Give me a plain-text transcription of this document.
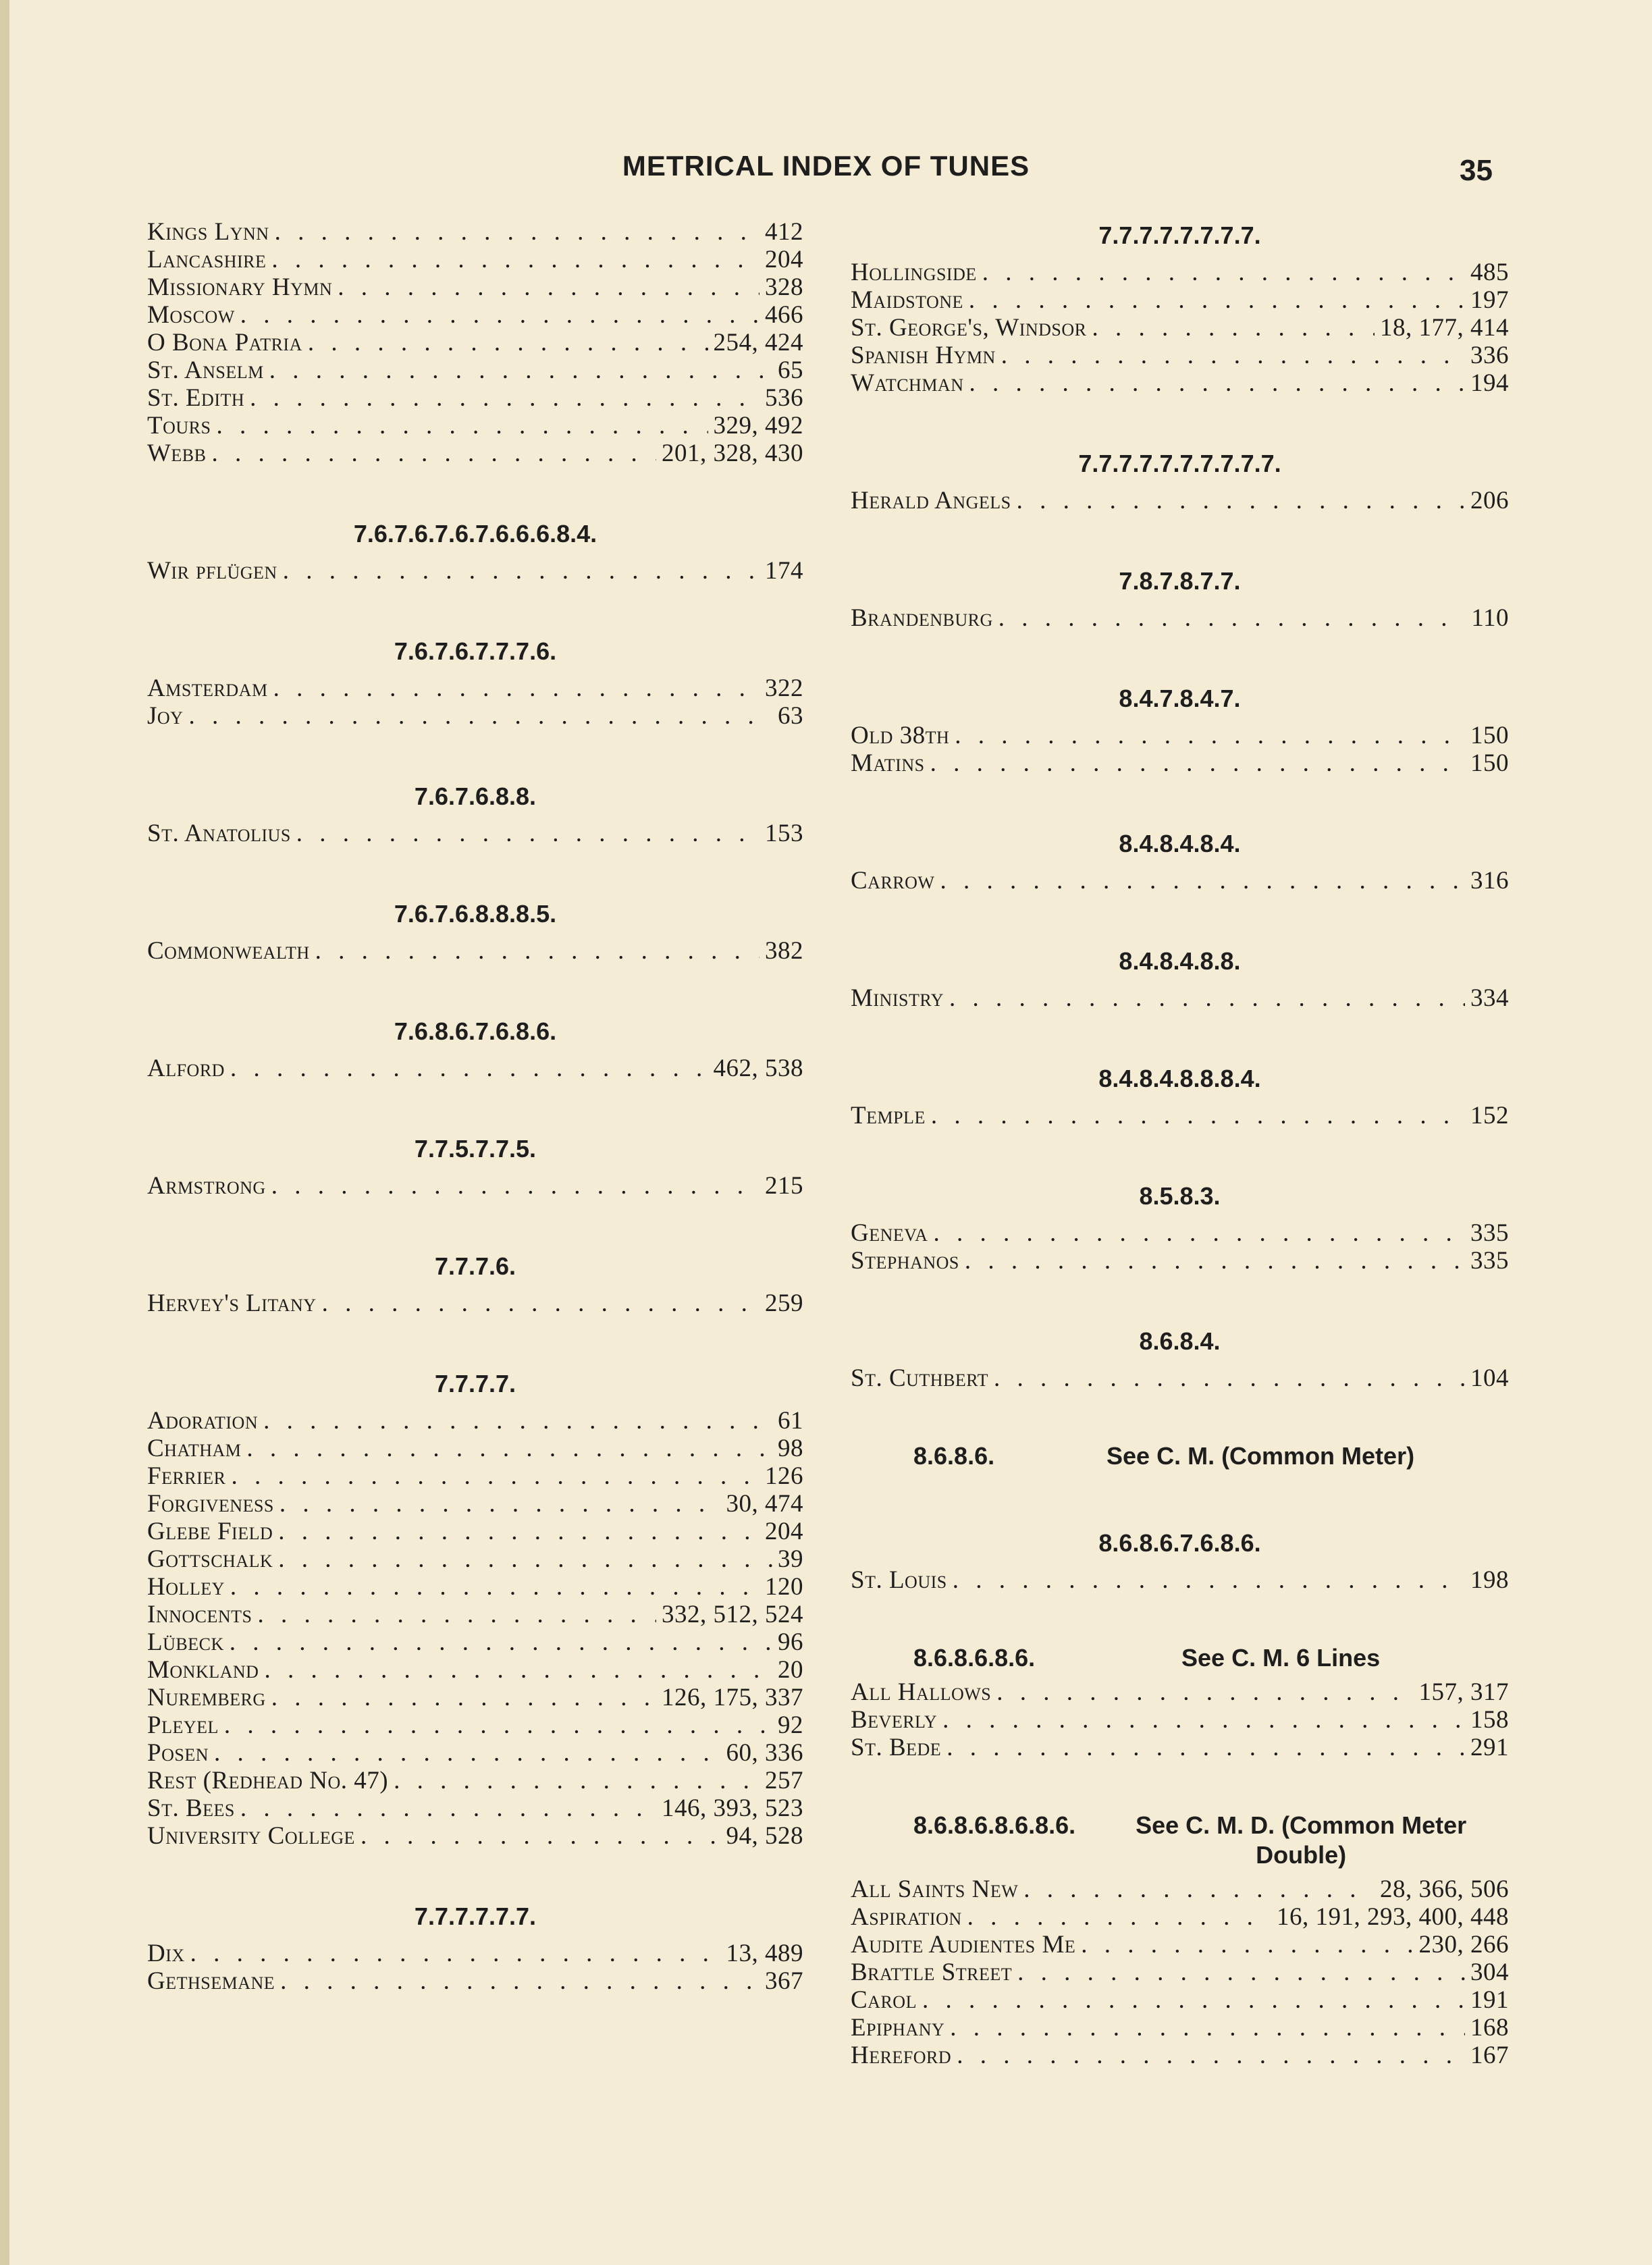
METRICAL INDEX OF TUNES	35
Kings Lynn . . .	412
Lancashire . . .	204
Missionary Hymn . . .	328
Moscow . . .	466
O Bona Patria . . .	254, 424
St. Anselm . . .	65
St. Edith . . .	536
Tours . . .	329, 492
Webb . . .	201, 328, 430
7.6.7.6.7.6.7.6.6.6.8.4.
Wir pflügen . . .	174
7.6.7.6.7.7.7.6.
Amsterdam . . .	322
Joy . . .	63
7.6.7.6.8.8.
St. Anatolius . . .	153
7.6.7.6.8.8.8.5.
Commonwealth . . .	382
7.6.8.6.7.6.8.6.
Alford . . .	462, 538
7.7.5.7.7.5.
Armstrong . . .	215
7.7.7.6.
Hervey's Litany . . .	259
7.7.7.7.
Adoration . . .	61
Chatham . . .	98
Ferrier . . .	126
Forgiveness . . .	30, 474
Glebe Field . . .	204
Gottschalk . . .	39
Holley . . .	120
Innocents . . .	332, 512, 524
Lübeck . . .	96
Monkland . . .	20
Nuremberg . . .	126, 175, 337
Pleyel . . .	92
Posen . . .	60, 336
Rest (Redhead No. 47) . . .	257
St. Bees . . .	146, 393, 523
University College . . .	94, 528
7.7.7.7.7.7.
Dix . . .	13, 489
Gethsemane . . .	367
7.7.7.7.7.7.7.7.
Hollingside . . .	485
Maidstone . . .	197
St. George's, Windsor . . .	18, 177, 414
Spanish Hymn . . .	336
Watchman . . .	194
7.7.7.7.7.7.7.7.7.7.
Herald Angels . . .	206
7.8.7.8.7.7.
Brandenburg . . .	110
8.4.7.8.4.7.
Old 38th . . .	150
Matins . . .	150
8.4.8.4.8.4.
Carrow . . .	316
8.4.8.4.8.8.
Ministry . . .	334
8.4.8.4.8.8.8.4.
Temple . . .	152
8.5.8.3.
Geneva . . .	335
Stephanos . . .	335
8.6.8.4.
St. Cuthbert . . .	104
8.6.8.6.	See C. M. (Common Meter)
8.6.8.6.7.6.8.6.
St. Louis . . .	198
8.6.8.6.8.6.	See C. M. 6 Lines
All Hallows . . .	157, 317
Beverly . . .	158
St. Bede . . .	291
8.6.8.6.8.6.8.6.	See C. M. D. (Common Meter Double)
All Saints New . . .	28, 366, 506
Aspiration . . .	16, 191, 293, 400, 448
Audite Audientes Me . . .	230, 266
Brattle Street . . .	304
Carol . . .	191
Epiphany . . .	168
Hereford . . .	167
